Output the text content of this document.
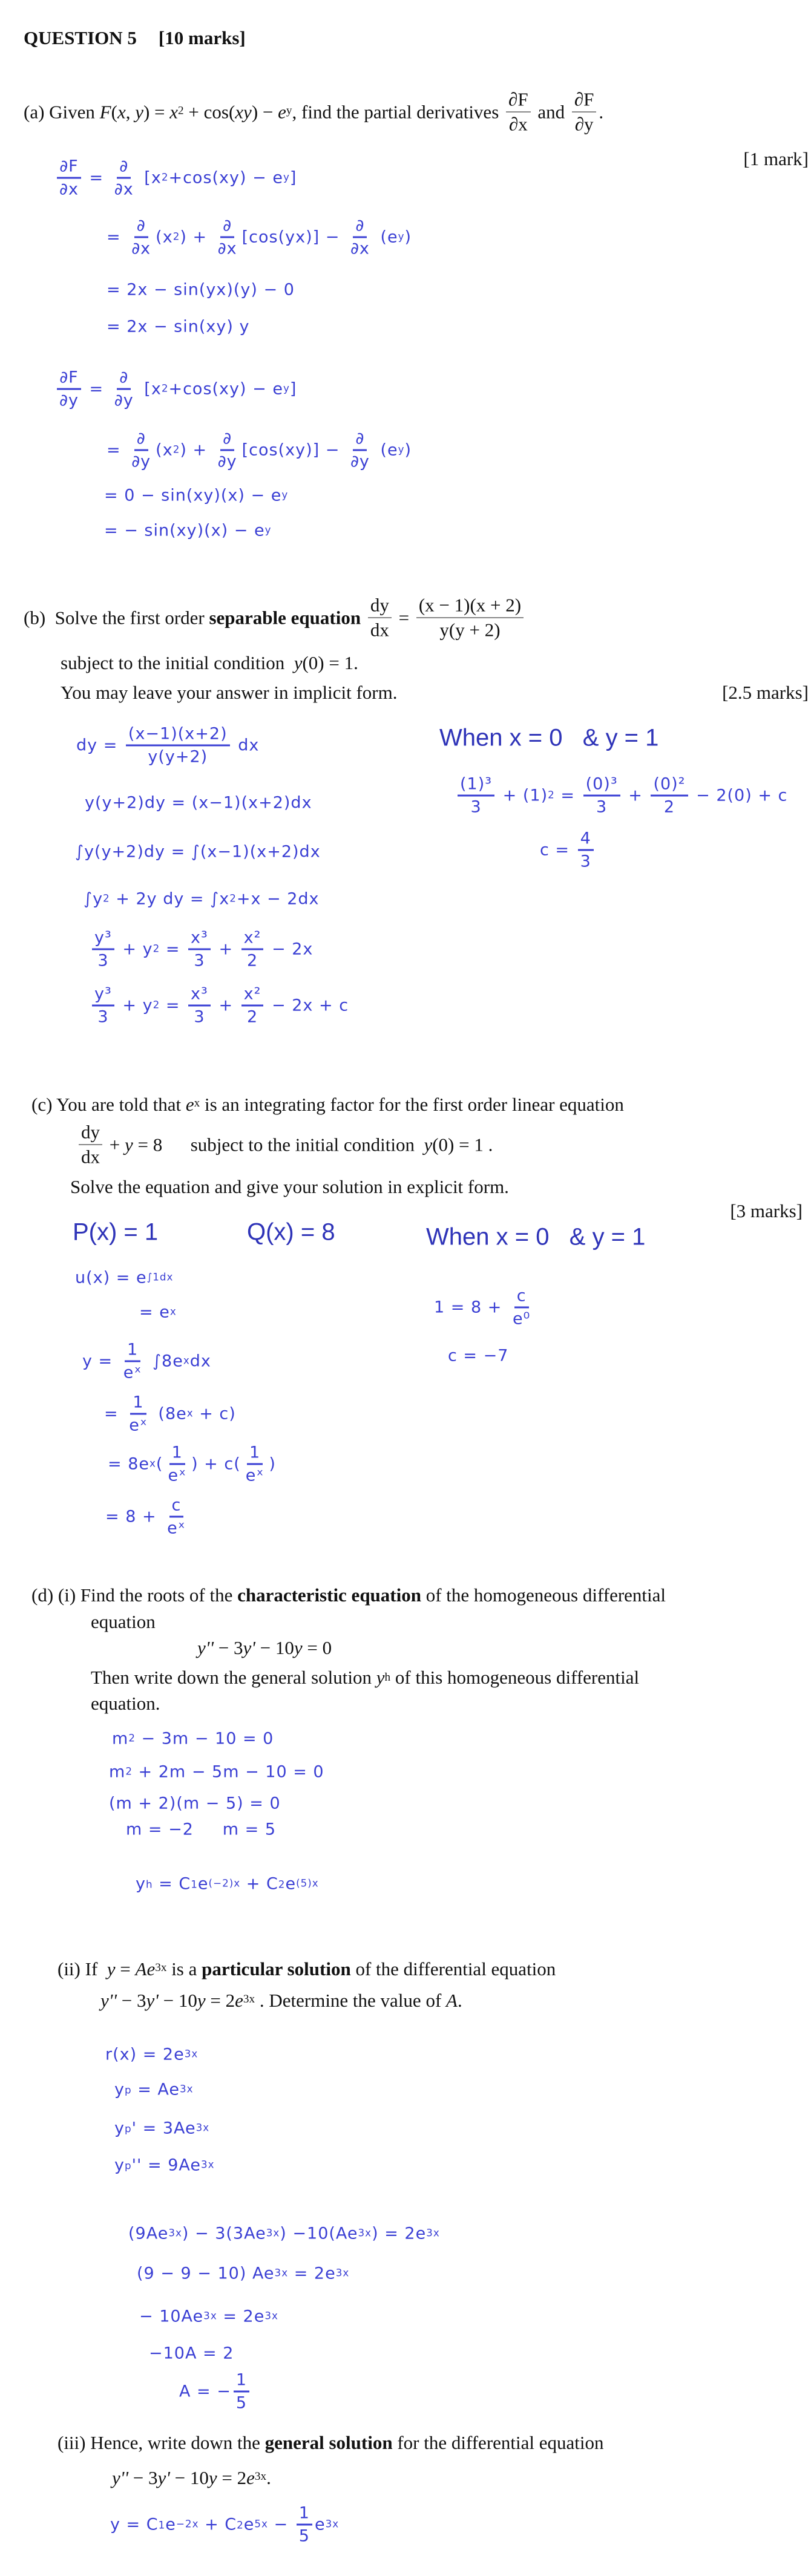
QUESTION 5 [10 marks]
(a) Given F ( x , y ) = $x^2 + \cos$( xy ) − $e^y$ , find the partial derivatives $\frac{\partial F}{\partial x}$ and $\frac{\partial F}{\partial y}$ .
[1 mark]
$\frac{\partial F}{\partial x}$ =
∂
∂x
[$x^2 +\cos(xy) - e^y$ ]
=
∂
∂x
($x^2$ ) +
∂
∂x
[cos(yx)] −
∂
∂x
($e^y$ )
= 2x − sin(yx)(y) − 0
= 2x − sin(xy) y
$\frac{\partial F}{\partial y}$ =
∂
∂y
[$x^2 +\cos(xy) - e^y$ ]
=
∂
∂y
($x^2$ ) +
∂
∂y
[cos(xy)] −
∂
∂y
($e^y$ )
= $0 - \sin(xy)(x) - e^y$
= − $\sin(xy)(x) - e^y$
(b)  Solve the first order separable equation
$\frac{dy}{dx} = \frac{(x - 1)(x + 2)}{y(y + 2)}$
subject to the initial condition y (0) = 1.
You may leave your answer in implicit form.	[2.5 marks]
dy = $\frac{(x-1)(x+2)}{y(y+2)}$ dx
y(y+2)dy = (x−1)(x+2)dx
∫y(y+2)dy = ∫(x−1)(x+2)dx
$\int y^2 + 2y$ dy = $\int x^2 +x - 2dx$
$\frac{\text{y³}}{3} + y^2 = \frac{\text{x³}}{3} + \frac{\text{x²}}{2} - 2x$
$\frac{\text{y³}}{3} + y^2 = \frac{\text{x³}}{3} + \frac{\text{x²}}{2} - 2x + c$
When x = 0   & y = 1
$\frac{\text{(1)³}}{3} + (1)^2 = \frac{\text{(0)³}}{3} + \frac{\text{(0)²}}{2} - 2(0) + c$
$c = \frac{4}{3}$
(c) You are told that $e^x$ is an integrating factor for the first order linear equation
$\frac{dy}{dx} + y = 8$      subject to the initial condition y (0) = 1 .
Solve the equation and give your solution in explicit form.
[3 marks]
P(x) = 1	Q(x) = 8	When x = 0   & y = 1
$u(x) = e^{\int 1dx}$
= $e^x$
$y = \frac{1}{\text{eˣ}} \int 8e^x$ dx
= $\frac{1}{\text{eˣ}} (8e^x + c)$
= $8e^x$ ( $\frac{1}{\text{eˣ}}$ ) + $c( \frac{1}{\text{eˣ}}$ )
= $8 + \frac{c}{\text{eˣ}}$
$1 = 8 + \frac{c}{\text{e⁰}}$
c = −7
(d) (i) Find the roots of the characteristic equation of the homogeneous differential
equation
y'' − 3 y' − 10 y = 0
Then write down the general solution y h of this homogeneous differential
equation.
$m^2 - 3m - 10 = 0$
$m^2 + 2m - 5m - 10 = 0$
(m + 2)(m − 5) = 0
m = −2     m = 5
y h = C 1 $e^{(-2)x} + C$ 2 $e^{(5)x}$
(ii) If $y = Ae^{3x}$ is a particular solution of the differential equation
y'' − 3 y' − 10 y = 2 $e^{3x}$ . Determine the value of A .
$r(x) = 2e^{3x}$
y $p = Ae^{3x}$
y p ' = $3Ae^{3x}$
y p '' = $9Ae^{3x}$
($9Ae^{3x}$ ) − $3(3Ae^{3x}$ ) $-10(Ae^{3x}$ ) = $2e^{3x}$
(9 − 9 − 10) $Ae^{3x} = 2e^{3x}$
− $10Ae^{3x} = 2e^{3x}$
−10A = 2
A = − $\frac{1}{5}$
(iii) Hence, write down the general solution for the differential equation
y'' − 3 y' − 10 y = 2 $e^{3x}$ .
y = C 1 $e^{-2x} + C$ 2 $e^{5x} - \frac{1}{5} e^{3x}$
